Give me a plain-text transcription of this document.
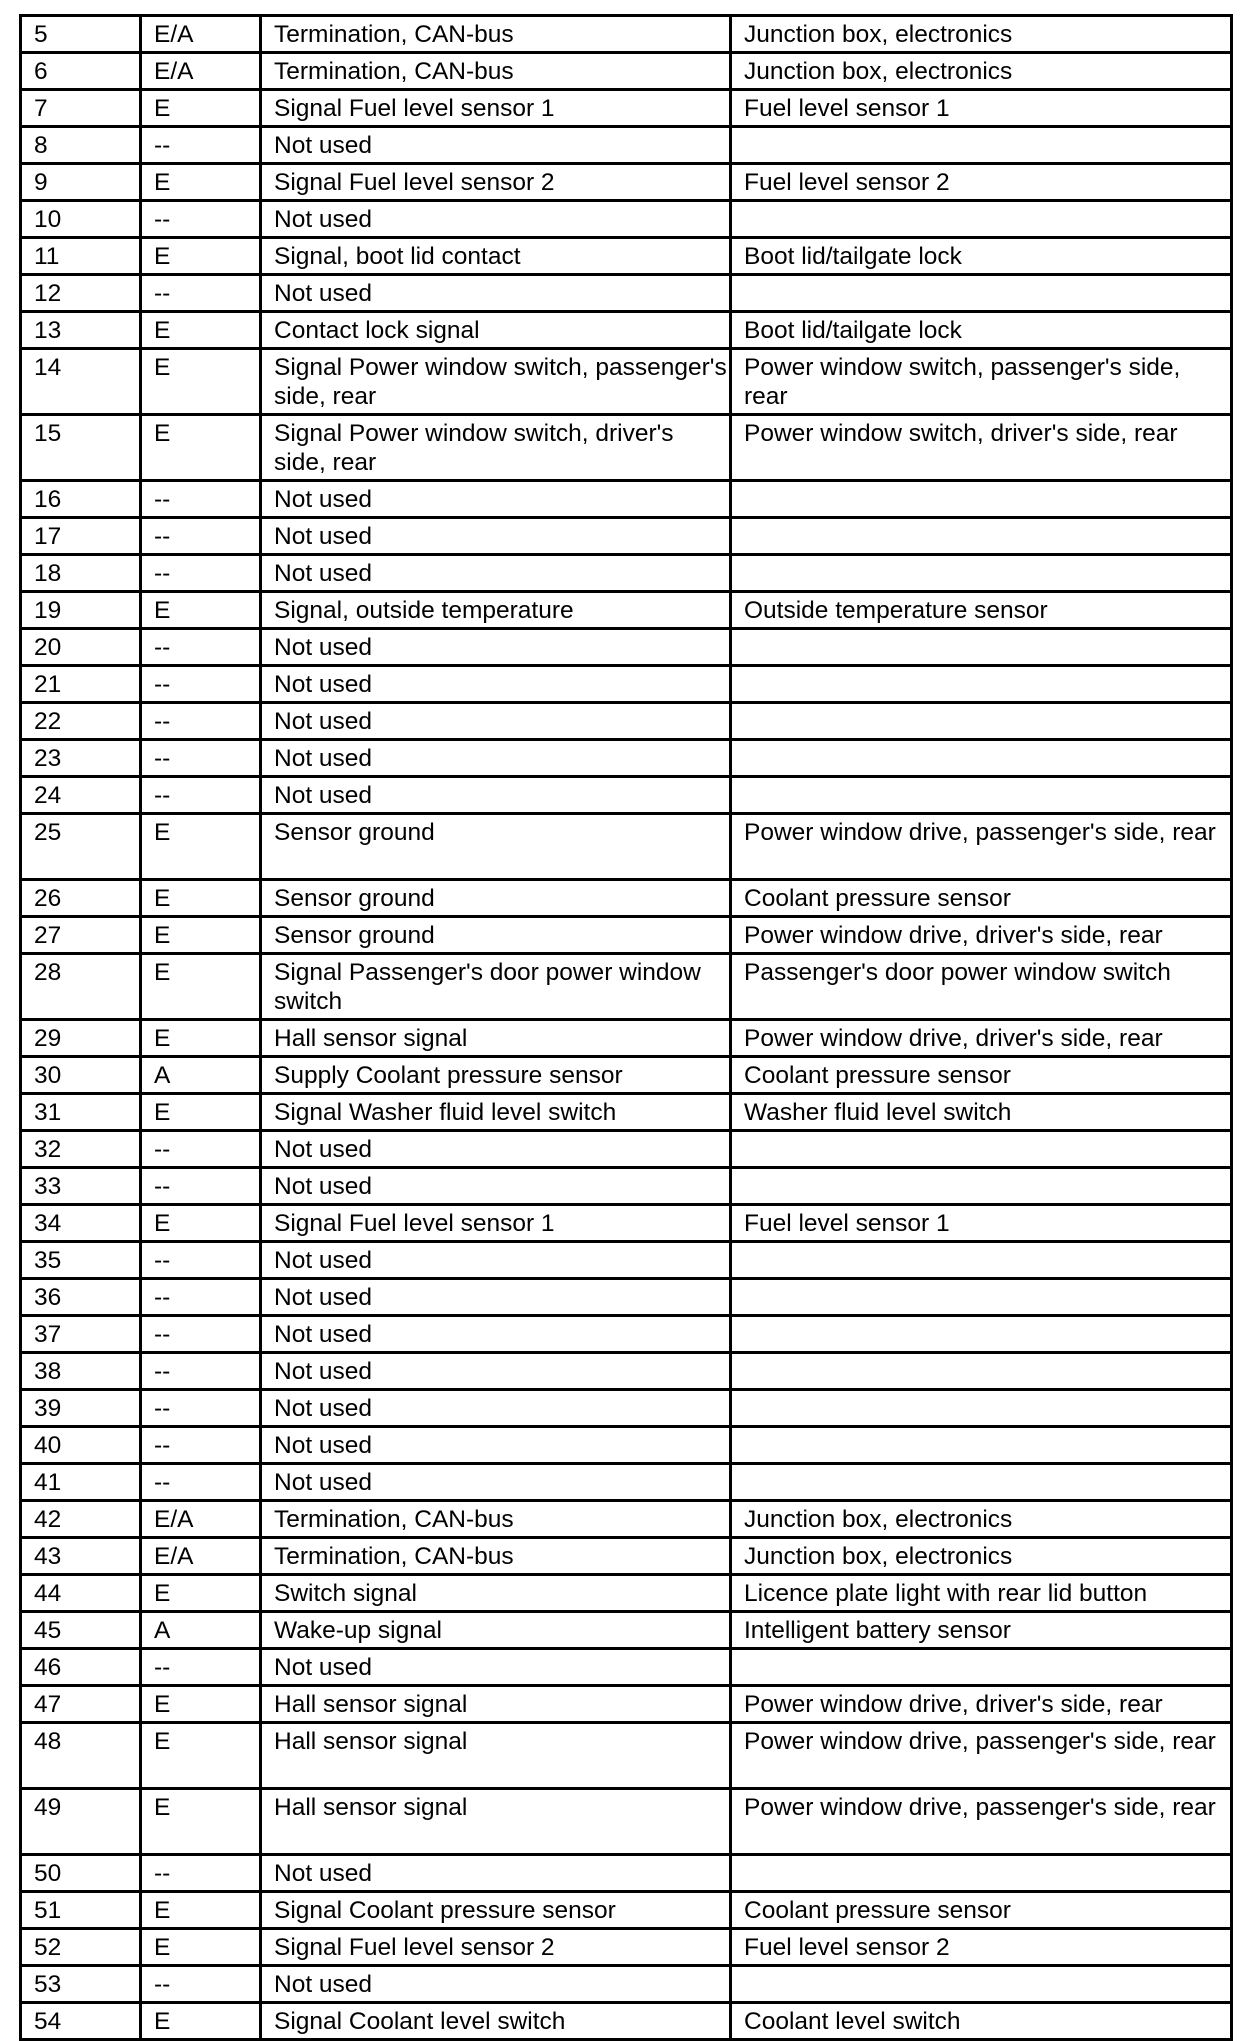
5	E/A	Termination, CAN-bus	Junction box, electronics
6	E/A	Termination, CAN-bus	Junction box, electronics
7	E	Signal Fuel level sensor 1	Fuel level sensor 1
8	--	Not used	
9	E	Signal Fuel level sensor 2	Fuel level sensor 2
10	--	Not used	
11	E	Signal, boot lid contact	Boot lid/tailgate lock
12	--	Not used	
13	E	Contact lock signal	Boot lid/tailgate lock
14	E	Signal Power window switch, passenger's side, rear	Power window switch, passenger's side, rear
15	E	Signal Power window switch, driver's side, rear	Power window switch, driver's side, rear
16	--	Not used	
17	--	Not used	
18	--	Not used	
19	E	Signal, outside temperature	Outside temperature sensor
20	--	Not used	
21	--	Not used	
22	--	Not used	
23	--	Not used	
24	--	Not used	
25	E	Sensor ground	Power window drive, passenger's side, rear
26	E	Sensor ground	Coolant pressure sensor
27	E	Sensor ground	Power window drive, driver's side, rear
28	E	Signal Passenger's door power window switch	Passenger's door power window switch
29	E	Hall sensor signal	Power window drive, driver's side, rear
30	A	Supply Coolant pressure sensor	Coolant pressure sensor
31	E	Signal Washer fluid level switch	Washer fluid level switch
32	--	Not used	
33	--	Not used	
34	E	Signal Fuel level sensor 1	Fuel level sensor 1
35	--	Not used	
36	--	Not used	
37	--	Not used	
38	--	Not used	
39	--	Not used	
40	--	Not used	
41	--	Not used	
42	E/A	Termination, CAN-bus	Junction box, electronics
43	E/A	Termination, CAN-bus	Junction box, electronics
44	E	Switch signal	Licence plate light with rear lid button
45	A	Wake-up signal	Intelligent battery sensor
46	--	Not used	
47	E	Hall sensor signal	Power window drive, driver's side, rear
48	E	Hall sensor signal	Power window drive, passenger's side, rear
49	E	Hall sensor signal	Power window drive, passenger's side, rear
50	--	Not used	
51	E	Signal Coolant pressure sensor	Coolant pressure sensor
52	E	Signal Fuel level sensor 2	Fuel level sensor 2
53	--	Not used	
54	E	Signal Coolant level switch	Coolant level switch
